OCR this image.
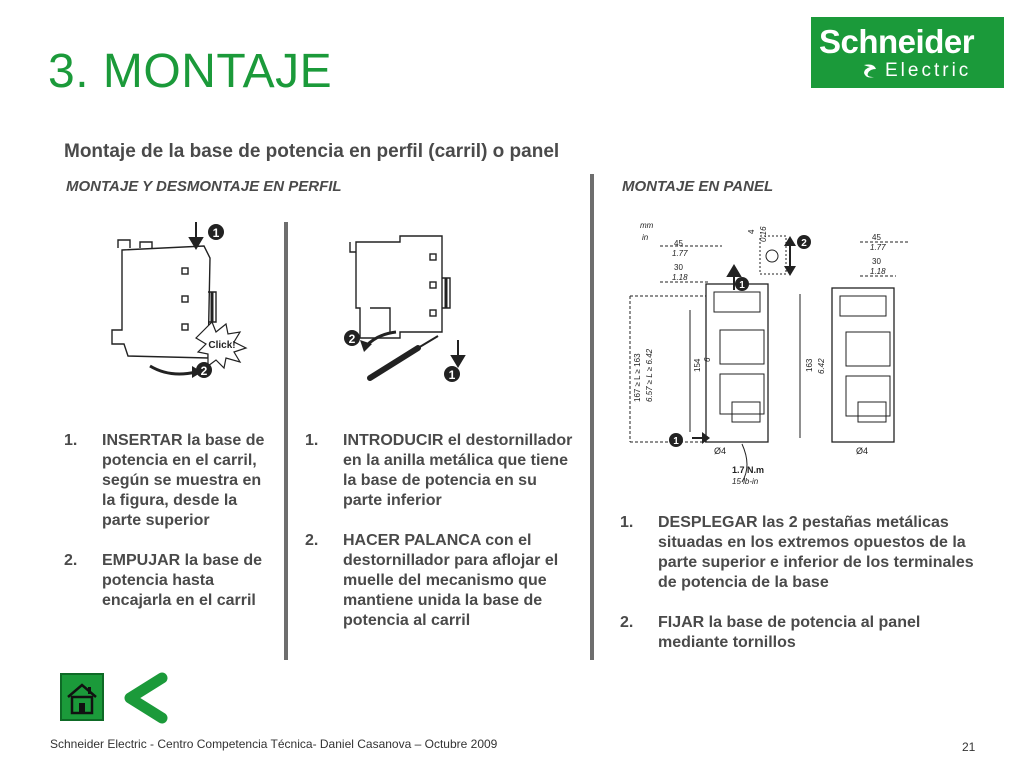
3. MONTAJE
Schneider
Electric
Montaje de la base de potencia en perfil (carril) o panel
MONTAJE Y DESMONTAJE EN PERFIL	MONTAJE EN PANEL
1
Click!
2	1
2
mm
in
45
1.77
30
1.18
45
1.77
30
1.18
4 0.16
167 ≥ L ≥ 163 6.57 ≥ L ≥ 6.42	154 6	163 6.42
Ø4	Ø4
1.7 N.m
15 lb-in
1
2
1
1. INSERTAR la base de potencia en el carril, según se muestra en la figura, desde la parte superior
2. EMPUJAR la base de potencia hasta encajarla en el carril
1. INTRODUCIR el destornillador en la anilla metálica que tiene la base de potencia en su parte inferior
2. HACER PALANCA con el destornillador para aflojar el muelle del mecanismo que mantiene unida la base de potencia al carril
1. DESPLEGAR las 2 pestañas metálicas situadas en los extremos opuestos de la parte superior e inferior de los terminales de potencia de la base
2. FIJAR la base de potencia al panel mediante tornillos
Schneider Electric - Centro Competencia Técnica- Daniel Casanova – Octubre 2009	21
